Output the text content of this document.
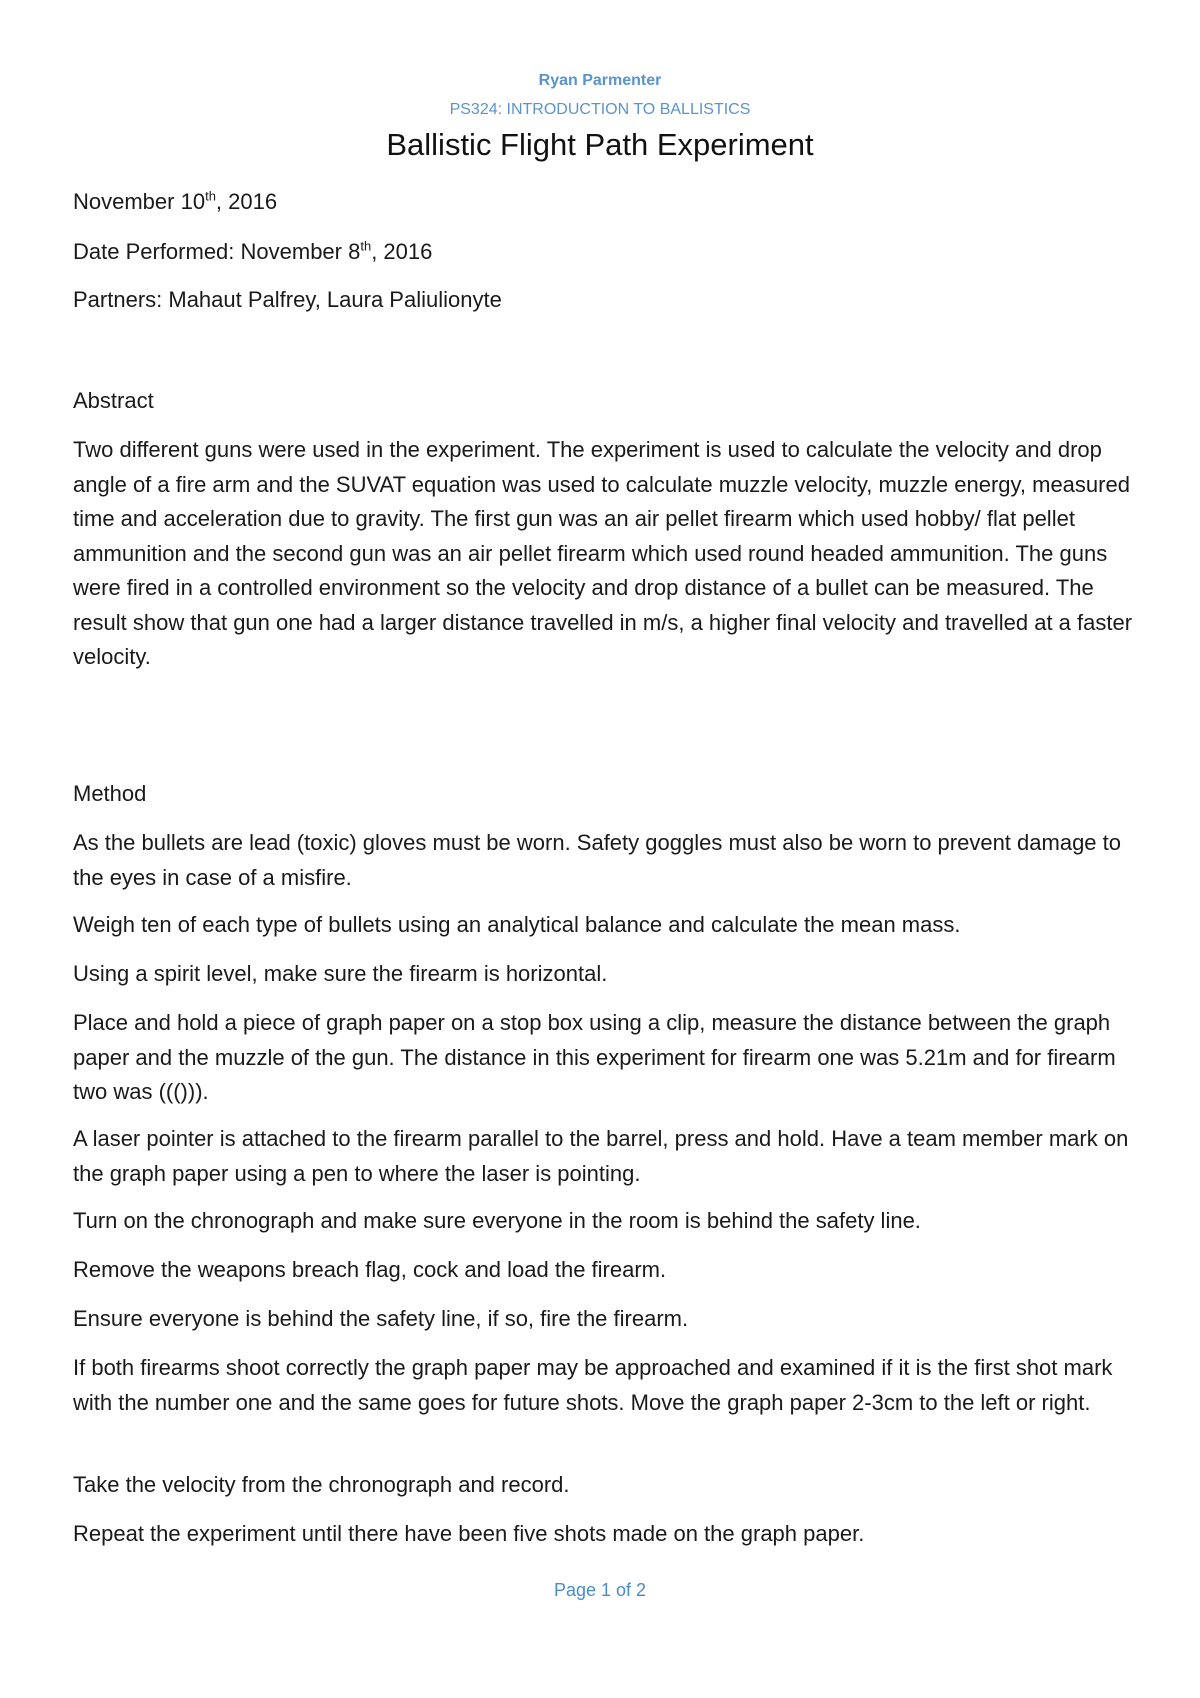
Ryan Parmenter
PS324: INTRODUCTION TO BALLISTICS
Ballistic Flight Path Experiment

November 10th, 2016

Date Performed: November 8th, 2016

Partners: Mahaut Palfrey, Laura Paliulionyte

Abstract

Two different guns were used in the experiment. The experiment is used to calculate the velocity and drop angle of a fire arm and the SUVAT equation was used to calculate muzzle velocity, muzzle energy, measured time and acceleration due to gravity. The first gun was an air pellet firearm which used hobby/ flat pellet ammunition and the second gun was an air pellet firearm which used round headed ammunition. The guns were fired in a controlled environment so the velocity and drop distance of a bullet can be measured. The result show that gun one had a larger distance travelled in m/s, a higher final velocity and travelled at a faster velocity.

Method

As the bullets are lead (toxic) gloves must be worn. Safety goggles must also be worn to prevent damage to the eyes in case of a misfire.

Weigh ten of each type of bullets using an analytical balance and calculate the mean mass.

Using a spirit level, make sure the firearm is horizontal.

Place and hold a piece of graph paper on a stop box using a clip, measure the distance between the graph paper and the muzzle of the gun. The distance in this experiment for firearm one was 5.21m and for firearm two was ((())).

A laser pointer is attached to the firearm parallel to the barrel, press and hold. Have a team member mark on the graph paper using a pen to where the laser is pointing.

Turn on the chronograph and make sure everyone in the room is behind the safety line.

Remove the weapons breach flag, cock and load the firearm.

Ensure everyone is behind the safety line, if so, fire the firearm.

If both firearms shoot correctly the graph paper may be approached and examined if it is the first shot mark with the number one and the same goes for future shots. Move the graph paper 2-3cm to the left or right.

Take the velocity from the chronograph and record.

Repeat the experiment until there have been five shots made on the graph paper.

Page 1 of 2
